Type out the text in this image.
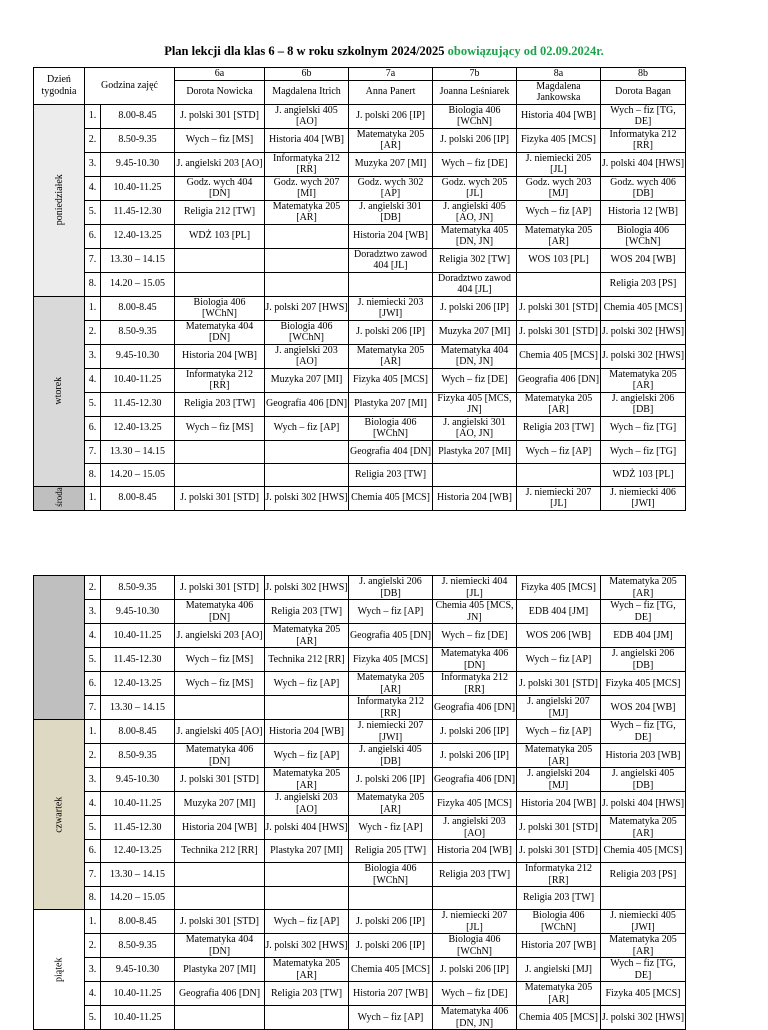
Plan lekcji dla klas 6 – 8 w roku szkolnym 2024/2025 obowiązujący od 02.09.2024r.
Dzień tygodnia	Godzina zajęć		6a	6b	7a	7b	8a	8b
			Dorota Nowicka	Magdalena Itrich	Anna Panert	Joanna Leśniarek	Magdalena Jankowska	Dorota Bagan
poniedziałek	1.	8.00-8.45	J. polski 301 [STD]	J. angielski 405 [AO]	J. polski 206 [IP]	Biologia 406 [WChN]	Historia 404 [WB]	Wych – fiz [TG, DE]
	2.	8.50-9.35	Wych – fiz [MS]	Historia 404 [WB]	Matematyka 205 [AR]	J. polski 206 [IP]	Fizyka 405 [MCS]	Informatyka 212 [RR]
	3.	9.45-10.30	J. angielski 203 [AO]	Informatyka 212 [RR]	Muzyka 207 [MI]	Wych – fiz [DE]	J. niemiecki 205 [JL]	J. polski 404 [HWS]
	4.	10.40-11.25	Godz. wych 404 [DN]	Godz. wych 207 [MI]	Godz. wych 302 [AP]	Godz. wych 205 [JL]	Godz. wych 203 [MJ]	Godz. wych 406 [DB]
	5.	11.45-12.30	Religia 212 [TW]	Matematyka 205 [AR]	J. angielski 301 [DB]	J. angielski 405 [AO, JN]	Wych – fiz [AP]	Historia 12 [WB]
	6.	12.40-13.25	WDŻ 103 [PL]		Historia 204 [WB]	Matematyka 405 [DN, JN]	Matematyka 205 [AR]	Biologia 406 [WChN]
	7.	13.30 – 14.15			Doradztwo zawod 404 [JL]	Religia 302 [TW]	WOS 103 [PL]	WOS 204 [WB]
	8.	14.20 – 15.05				Doradztwo zawod 404 [JL]		Religia 203 [PS]
wtorek	1.	8.00-8.45	Biologia 406 [WChN]	J. polski 207 [HWS]	J. niemiecki 203 [JWI]	J. polski 206 [IP]	J. polski 301 [STD]	Chemia 405 [MCS]
	2.	8.50-9.35	Matematyka 404 [DN]	Biologia 406 [WChN]	J. polski 206 [IP]	Muzyka 207 [MI]	J. polski 301 [STD]	J. polski 302 [HWS]
	3.	9.45-10.30	Historia 204 [WB]	J. angielski 203 [AO]	Matematyka 205 [AR]	Matematyka 404 [DN, JN]	Chemia 405 [MCS]	J. polski 302 [HWS]
	4.	10.40-11.25	Informatyka 212 [RR]	Muzyka 207 [MI]	Fizyka 405 [MCS]	Wych – fiz [DE]	Geografia 406 [DN]	Matematyka 205 [AR]
	5.	11.45-12.30	Religia 203 [TW]	Geografia 406 [DN]	Plastyka 207 [MI]	Fizyka 405 [MCS, JN]	Matematyka 205 [AR]	J. angielski 206 [DB]
	6.	12.40-13.25	Wych – fiz [MS]	Wych – fiz [AP]	Biologia 406 [WChN]	J. angielski 301 [AO, JN]	Religia 203 [TW]	Wych – fiz [TG]
	7.	13.30 – 14.15			Geografia 404 [DN]	Plastyka 207 [MI]	Wych – fiz [AP]	Wych – fiz [TG]
	8.	14.20 – 15.05			Religia 203 [TW]			WDŻ 103 [PL]
środa	1.	8.00-8.45	J. polski 301 [STD]	J. polski 302 [HWS]	Chemia 405 [MCS]	Historia 204 [WB]	J. niemiecki 207 [JL]	J. niemiecki 406 [JWI]
	2.	8.50-9.35	J. polski 301 [STD]	J. polski 302 [HWS]	J. angielski 206 [DB]	J. niemiecki 404 [JL]	Fizyka 405 [MCS]	Matematyka 205 [AR]
	3.	9.45-10.30	Matematyka 406 [DN]	Religia 203 [TW]	Wych – fiz [AP]	Chemia 405 [MCS, JN]	EDB 404 [JM]	Wych – fiz [TG, DE]
	4.	10.40-11.25	J. angielski 203 [AO]	Matematyka 205 [AR]	Geografia 405 [DN]	Wych – fiz [DE]	WOS 206 [WB]	EDB 404 [JM]
	5.	11.45-12.30	Wych – fiz [MS]	Technika 212 [RR]	Fizyka 405 [MCS]	Matematyka 406 [DN]	Wych – fiz [AP]	J. angielski 206 [DB]
	6.	12.40-13.25	Wych – fiz [MS]	Wych – fiz [AP]	Matematyka 205 [AR]	Informatyka 212 [RR]	J. polski 301 [STD]	Fizyka 405 [MCS]
	7.	13.30 – 14.15			Informatyka 212 [RR]	Geografia 406 [DN]	J. angielski 207 [MJ]	WOS 204 [WB]
czwartek	1.	8.00-8.45	J. angielski 405 [AO]	Historia 204 [WB]	J. niemiecki 207 [JWI]	J. polski 206 [IP]	Wych – fiz [AP]	Wych – fiz [TG, DE]
	2.	8.50-9.35	Matematyka 406 [DN]	Wych – fiz [AP]	J. angielski 405 [DB]	J. polski 206 [IP]	Matematyka 205 [AR]	Historia 203 [WB]
	3.	9.45-10.30	J. polski 301 [STD]	Matematyka 205 [AR]	J. polski 206 [IP]	Geografia 406 [DN]	J. angielski 204 [MJ]	J. angielski 405 [DB]
	4.	10.40-11.25	Muzyka 207 [MI]	J. angielski 203 [AO]	Matematyka 205 [AR]	Fizyka 405 [MCS]	Historia 204 [WB]	J. polski 404 [HWS]
	5.	11.45-12.30	Historia 204 [WB]	J. polski 404 [HWS]	Wych - fiz [AP]	J. angielski 203 [AO]	J. polski 301 [STD]	Matematyka 205 [AR]
	6.	12.40-13.25	Technika 212 [RR]	Plastyka 207 [MI]	Religia 205 [TW]	Historia 204 [WB]	J. polski 301 [STD]	Chemia 405 [MCS]
	7.	13.30 – 14.15			Biologia 406 [WChN]	Religia 203 [TW]	Informatyka 212 [RR]	Religia 203 [PS]
	8.	14.20 – 15.05					Religia 203 [TW]	
piątek	1.	8.00-8.45	J. polski 301 [STD]	Wych – fiz [AP]	J. polski 206 [IP]	J. niemiecki 207 [JL]	Biologia 406 [WChN]	J. niemiecki 405 [JWI]
	2.	8.50-9.35	Matematyka 404 [DN]	J. polski 302 [HWS]	J. polski 206 [IP]	Biologia 406 [WChN]	Historia 207 [WB]	Matematyka 205 [AR]
	3.	9.45-10.30	Plastyka 207 [MI]	Matematyka 205 [AR]	Chemia 405 [MCS]	J. polski 206 [IP]	J. angielski [MJ]	Wych – fiz [TG, DE]
	4.	10.40-11.25	Geografia 406 [DN]	Religia 203 [TW]	Historia 207 [WB]	Wych – fiz [DE]	Matematyka 205 [AR]	Fizyka 405 [MCS]
	5.	10.40-11.25			Wych – fiz [AP]	Matematyka 406 [DN, JN]	Chemia 405 [MCS]	J. polski 302 [HWS]
